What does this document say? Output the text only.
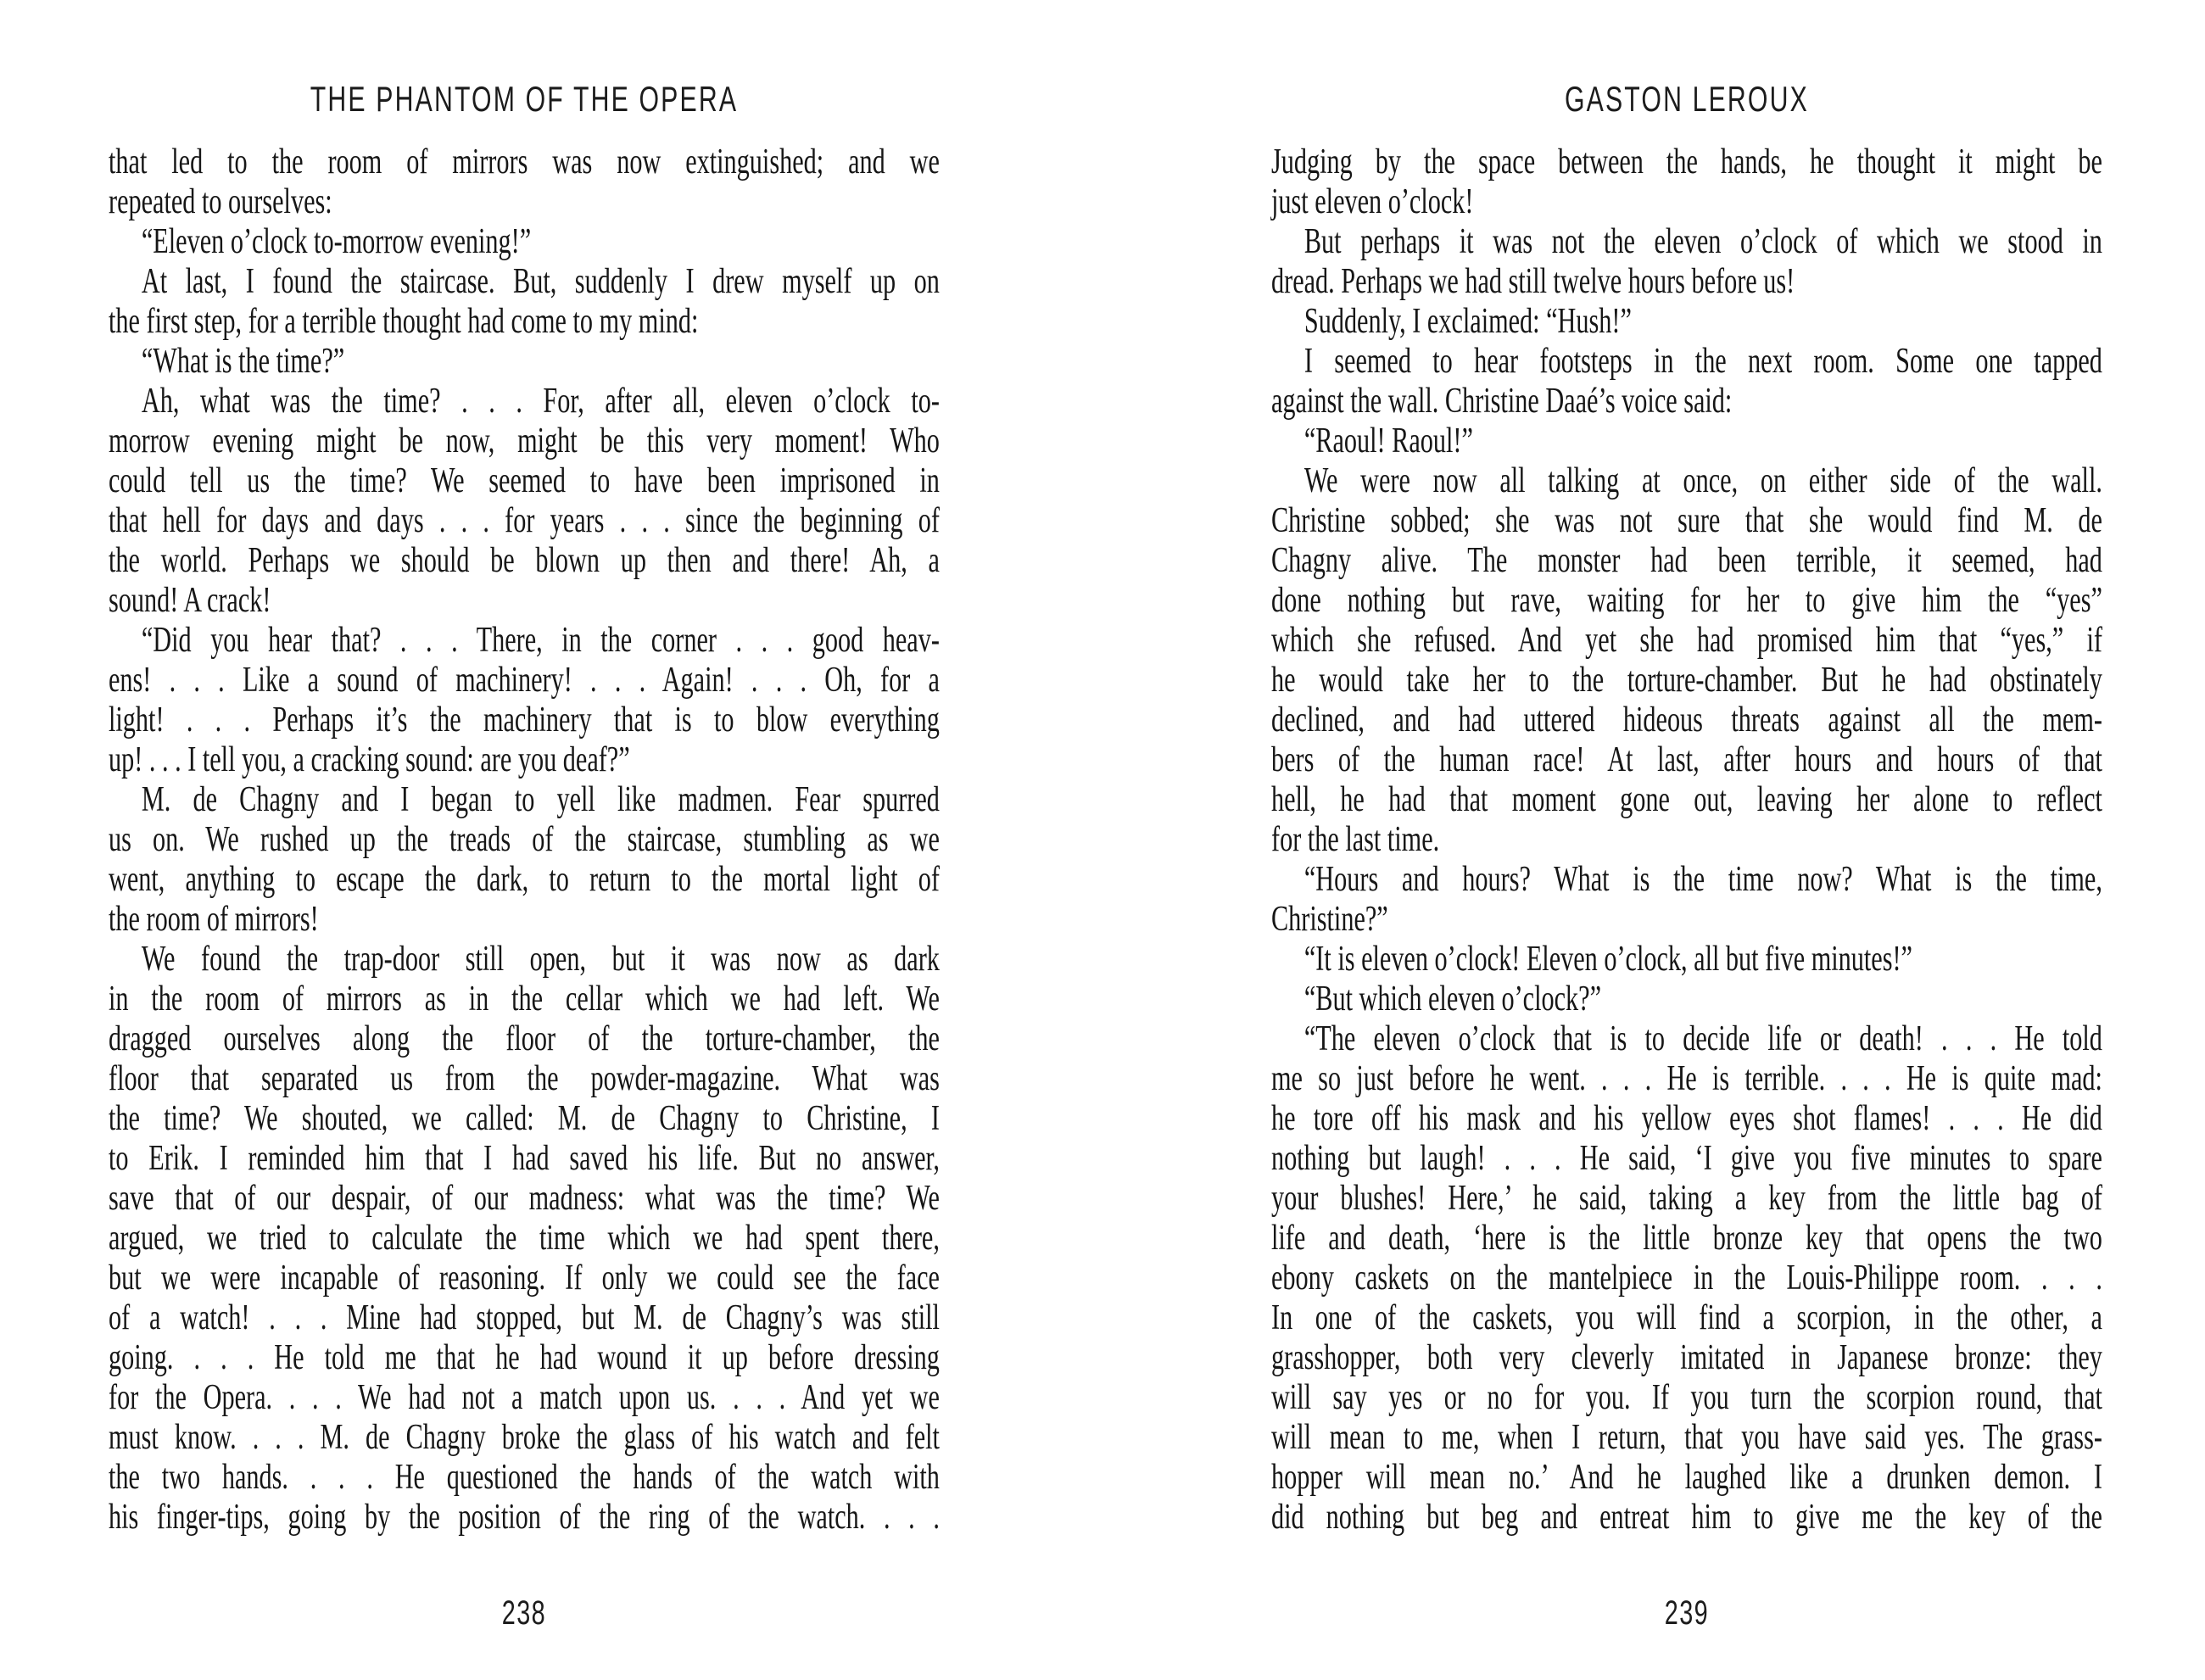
THE PHANTOM OF THE OPERA
that led to the room of mirrors was now extinguished; and we
repeated to ourselves:
“Eleven o’clock to-morrow evening!”
At last, I found the staircase. But, suddenly I drew myself up on
the first step, for a terrible thought had come to my mind:
“What is the time?”
Ah, what was the time? . . . For, after all, eleven o’clock to-
morrow evening might be now, might be this very moment! Who
could tell us the time? We seemed to have been imprisoned in
that hell for days and days . . . for years . . . since the beginning of
the world. Perhaps we should be blown up then and there! Ah, a
sound! A crack!
“Did you hear that? . . . There, in the corner . . . good heav-
ens! . . . Like a sound of machinery! . . . Again! . . . Oh, for a
light! . . . Perhaps it’s the machinery that is to blow everything
up! . . . I tell you, a cracking sound: are you deaf?”
M. de Chagny and I began to yell like madmen. Fear spurred
us on. We rushed up the treads of the staircase, stumbling as we
went, anything to escape the dark, to return to the mortal light of
the room of mirrors!
We found the trap-door still open, but it was now as dark
in the room of mirrors as in the cellar which we had left. We
dragged ourselves along the floor of the torture-chamber, the
floor that separated us from the powder-magazine. What was
the time? We shouted, we called: M. de Chagny to Christine, I
to Erik. I reminded him that I had saved his life. But no answer,
save that of our despair, of our madness: what was the time? We
argued, we tried to calculate the time which we had spent there,
but we were incapable of reasoning. If only we could see the face
of a watch! . . . Mine had stopped, but M. de Chagny’s was still
going. . . . He told me that he had wound it up before dressing
for the Opera. . . . We had not a match upon us. . . . And yet we
must know. . . . M. de Chagny broke the glass of his watch and felt
the two hands. . . . He questioned the hands of the watch with
his finger-tips, going by the position of the ring of the watch. . . .
238
GASTON LEROUX
Judging by the space between the hands, he thought it might be
just eleven o’clock!
But perhaps it was not the eleven o’clock of which we stood in
dread. Perhaps we had still twelve hours before us!
Suddenly, I exclaimed: “Hush!”
I seemed to hear footsteps in the next room. Some one tapped
against the wall. Christine Daaé’s voice said:
“Raoul! Raoul!”
We were now all talking at once, on either side of the wall.
Christine sobbed; she was not sure that she would find M. de
Chagny alive. The monster had been terrible, it seemed, had
done nothing but rave, waiting for her to give him the “yes”
which she refused. And yet she had promised him that “yes,” if
he would take her to the torture-chamber. But he had obstinately
declined, and had uttered hideous threats against all the mem-
bers of the human race! At last, after hours and hours of that
hell, he had that moment gone out, leaving her alone to reflect
for the last time.
“Hours and hours? What is the time now? What is the time,
Christine?”
“It is eleven o’clock! Eleven o’clock, all but five minutes!”
“But which eleven o’clock?”
“The eleven o’clock that is to decide life or death! . . . He told
me so just before he went. . . . He is terrible. . . . He is quite mad:
he tore off his mask and his yellow eyes shot flames! . . . He did
nothing but laugh! . . . He said, ‘I give you five minutes to spare
your blushes! Here,’ he said, taking a key from the little bag of
life and death, ‘here is the little bronze key that opens the two
ebony caskets on the mantelpiece in the Louis-Philippe room. . . .
In one of the caskets, you will find a scorpion, in the other, a
grasshopper, both very cleverly imitated in Japanese bronze: they
will say yes or no for you. If you turn the scorpion round, that
will mean to me, when I return, that you have said yes. The grass-
hopper will mean no.’ And he laughed like a drunken demon. I
did nothing but beg and entreat him to give me the key of the
239
